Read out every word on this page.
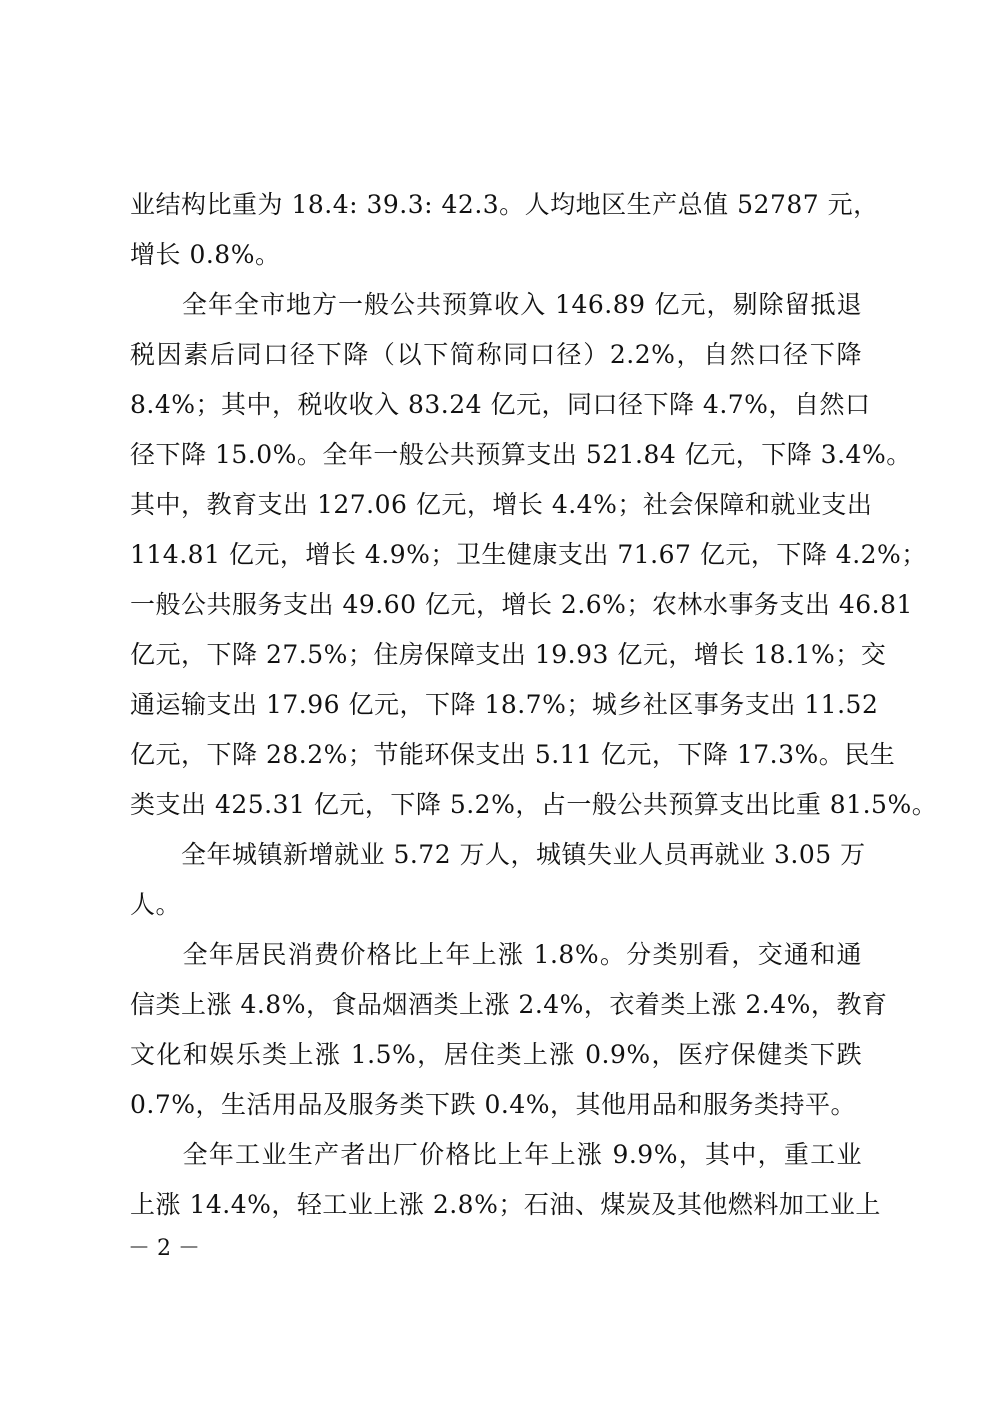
业结构比重为 18.4: 39.3: 42.3。人均地区生产总值 52787 元，
增长 0.8%。
　　全年全市地方一般公共预算收入 146.89 亿元，剔除留抵退
税因素后同口径下降（以下简称同口径）2.2%，自然口径下降
8.4%；其中，税收收入 83.24 亿元，同口径下降 4.7%，自然口
径下降 15.0%。全年一般公共预算支出 521.84 亿元，下降 3.4%。
其中，教育支出 127.06 亿元，增长 4.4%；社会保障和就业支出
114.81 亿元，增长 4.9%；卫生健康支出 71.67 亿元，下降 4.2%；
一般公共服务支出 49.60 亿元，增长 2.6%；农林水事务支出 46.81
亿元，下降 27.5%；住房保障支出 19.93 亿元，增长 18.1%；交
通运输支出 17.96 亿元，下降 18.7%；城乡社区事务支出 11.52
亿元，下降 28.2%；节能环保支出 5.11 亿元，下降 17.3%。民生
类支出 425.31 亿元，下降 5.2%，占一般公共预算支出比重 81.5%。
　　全年城镇新增就业 5.72 万人，城镇失业人员再就业 3.05 万
人。
　　全年居民消费价格比上年上涨 1.8%。分类别看，交通和通
信类上涨 4.8%，食品烟酒类上涨 2.4%，衣着类上涨 2.4%，教育
文化和娱乐类上涨 1.5%，居住类上涨 0.9%，医疗保健类下跌
0.7%，生活用品及服务类下跌 0.4%，其他用品和服务类持平。
　　全年工业生产者出厂价格比上年上涨 9.9%，其中，重工业
上涨 14.4%，轻工业上涨 2.8%；石油、煤炭及其他燃料加工业上
－ 2 －
